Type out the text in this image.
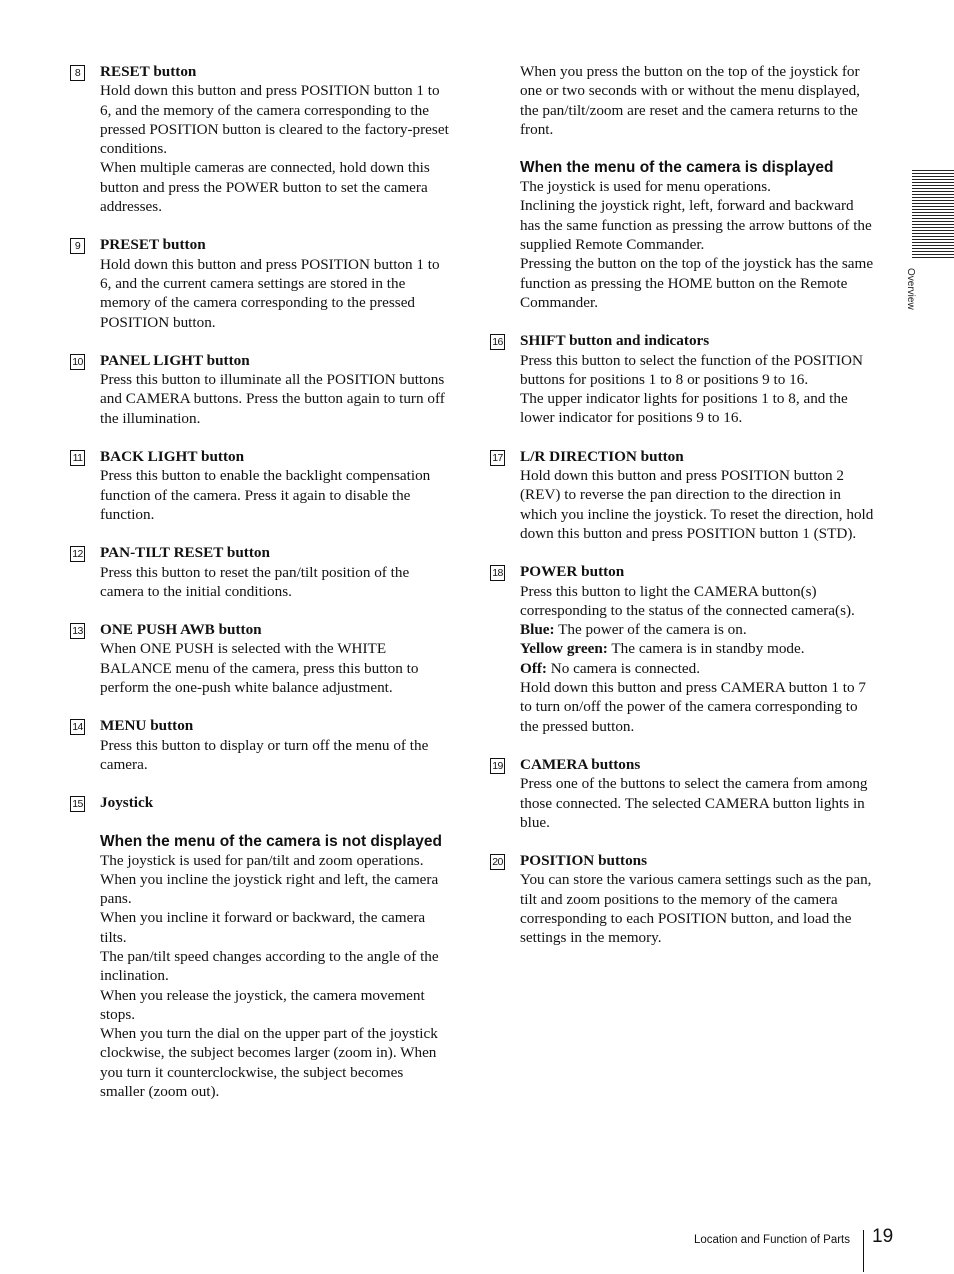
8	RESET button

Hold down this button and press POSITION button 1 to 6, and the memory of the camera corresponding to the pressed POSITION button is cleared to the factory-preset conditions.

When multiple cameras are connected, hold down this button and press the POWER button to set the camera addresses.

9	PRESET button

Hold down this button and press POSITION button 1 to 6, and the current camera settings are stored in the memory of the camera corresponding to the pressed POSITION button.

10 PANEL LIGHT button

Press this button to illuminate all the POSITION buttons and CAMERA buttons. Press the button again to turn off the illumination.

11 BACK LIGHT button

Press this button to enable the backlight compensation function of the camera. Press it again to disable the function.

12 PAN-TILT RESET button

Press this button to reset the pan/tilt position of the camera to the initial conditions.

13 ONE PUSH AWB button

When ONE PUSH is selected with the WHITE BALANCE menu of the camera, press this button to perform the one-push white balance adjustment.

14 MENU button

Press this button to display or turn off the menu of the camera.

15 Joystick
When the menu of the camera is not displayed

The joystick is used for pan/tilt and zoom operations.

When you incline the joystick right and left, the camera pans.

When you incline it forward or backward, the camera tilts.

The pan/tilt speed changes according to the angle of the inclination.

When you release the joystick, the camera movement stops.

When you turn the dial on the upper part of the joystick clockwise, the subject becomes larger (zoom in). When you turn it counterclockwise, the subject becomes smaller (zoom out).

When you press the button on the top of the joystick for one or two seconds with or without the menu displayed, the pan/tilt/zoom are reset and the camera returns to the front.

When the menu of the camera is displayed

The joystick is used for menu operations.

Inclining the joystick right, left, forward and backward has the same function as pressing the arrow buttons of the supplied Remote Commander.

Pressing the button on the top of the joystick has the same function as pressing the HOME button on the Remote Commander.

16 SHIFT button and indicators

Press this button to select the function of the POSITION buttons for positions 1 to 8 or positions 9 to 16.

The upper indicator lights for positions 1 to 8, and the lower indicator for positions 9 to 16.

17 L/R DIRECTION button

Hold down this button and press POSITION button 2 (REV) to reverse the pan direction to the direction in which you incline the joystick. To reset the direction, hold down this button and press POSITION button 1 (STD).

18 POWER button

Press this button to light the CAMERA button(s) corresponding to the status of the connected camera(s).

Blue: The power of the camera is on.

Yellow green: The camera is in standby mode.

Off: No camera is connected.

Hold down this button and press CAMERA button 1 to 7 to turn on/off the power of the camera corresponding to the pressed button.

19 CAMERA buttons

Press one of the buttons to select the camera from among those connected. The selected CAMERA button lights in blue.

20 POSITION buttons

You can store the various camera settings such as the pan, tilt and zoom positions to the memory of the camera corresponding to each POSITION button, and load the settings in the memory.

Overview
Location and Function of Parts 19
